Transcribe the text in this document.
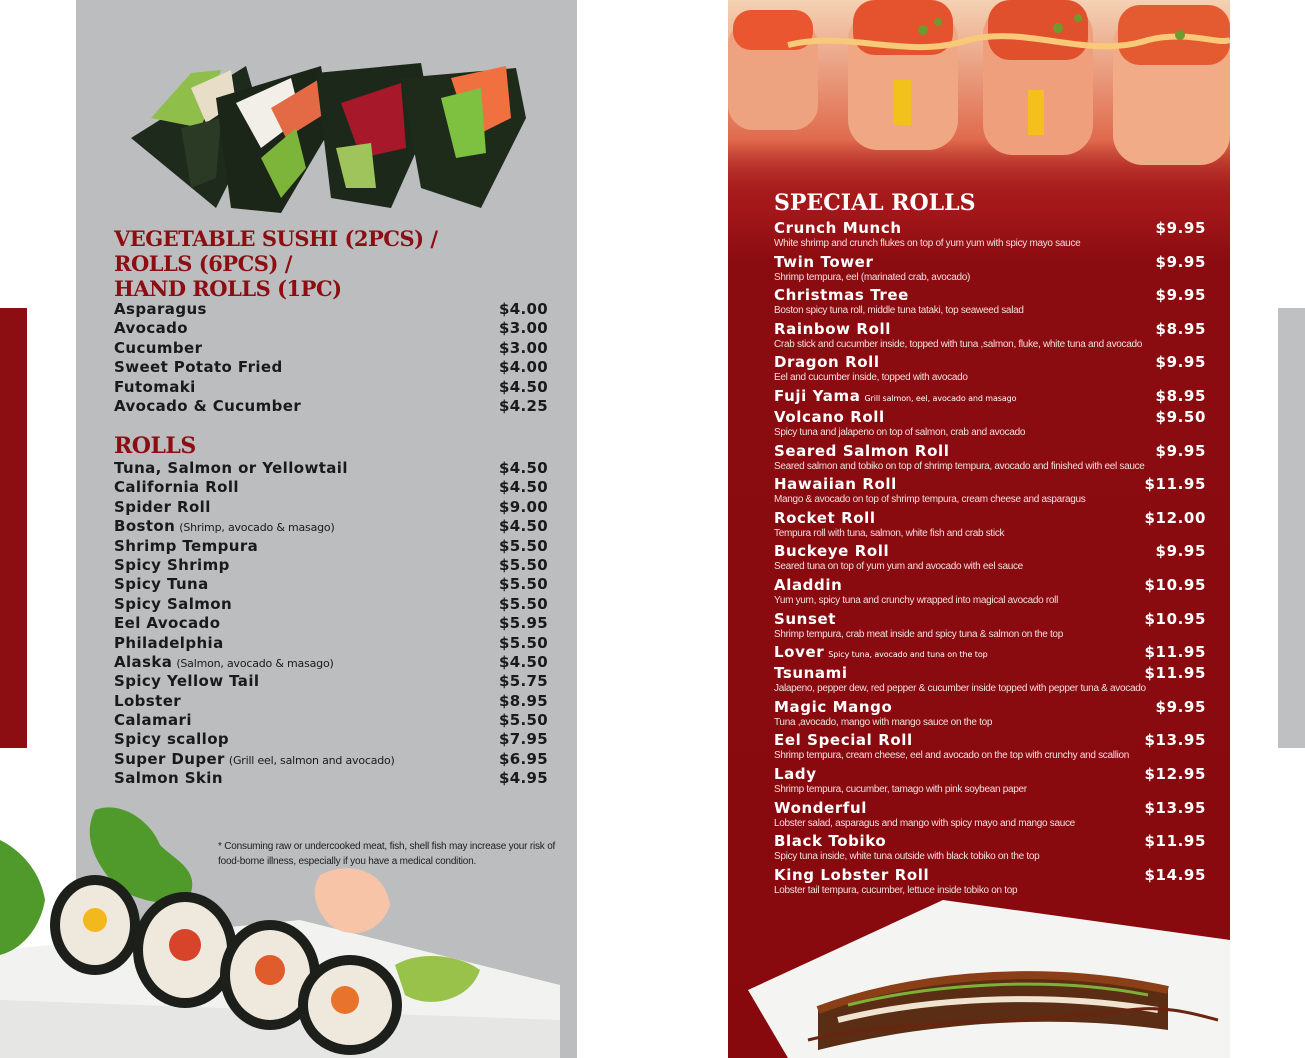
VEGETABLE SUSHI (2PCS) /
ROLLS (6PCS) /
HAND ROLLS (1PC)
Asparagus	$4.00
Avocado	$3.00
Cucumber	$3.00
Sweet Potato Fried	$4.00
Futomaki	$4.50
Avocado & Cucumber	$4.25
ROLLS
Tuna, Salmon or Yellowtail	$4.50
California Roll	$4.50
Spider Roll	$9.00
Boston (Shrimp, avocado & masago)	$4.50
Shrimp Tempura	$5.50
Spicy Shrimp	$5.50
Spicy Tuna	$5.50
Spicy Salmon	$5.50
Eel Avocado	$5.95
Philadelphia	$5.50
Alaska (Salmon, avocado & masago)	$4.50
Spicy Yellow Tail	$5.75
Lobster	$8.95
Calamari	$5.50
Spicy scallop	$7.95
Super Duper (Grill eel, salmon and avocado)	$6.95
Salmon Skin	$4.95

* Consuming raw or undercooked meat, fish, shell fish may increase your risk of food-borne illness, especially if you have a medical condition.

SPECIAL ROLLS
Crunch Munch	$9.95
White shrimp and crunch flukes on top of yum yum with spicy mayo sauce
Twin Tower	$9.95
Shrimp tempura, eel (marinated crab, avocado)
Christmas Tree	$9.95
Boston spicy tuna roll, middle tuna tataki, top seaweed salad
Rainbow Roll	$8.95
Crab stick and cucumber inside, topped with tuna ,salmon, fluke, white tuna and avocado
Dragon Roll	$9.95
Eel and cucumber inside, topped with avocado
Fuji Yama Grill salmon, eel, avocado and masago	$8.95
Volcano Roll	$9.50
Spicy tuna and jalapeno on top of salmon, crab and avocado
Seared Salmon Roll	$9.95
Seared salmon and tobiko on top of shrimp tempura, avocado and finished with eel sauce
Hawaiian Roll	$11.95
Mango & avocado on top of shrimp tempura, cream cheese and asparagus
Rocket Roll	$12.00
Tempura roll with tuna, salmon, white fish and crab stick
Buckeye Roll	$9.95
Seared tuna on top of yum yum and avocado with eel sauce
Aladdin	$10.95
Yum yum, spicy tuna and crunchy wrapped into magical avocado roll
Sunset	$10.95
Shrimp tempura, crab meat inside and spicy tuna & salmon on the top
Lover Spicy tuna, avocado and tuna on the top	$11.95
Tsunami	$11.95
Jalapeno, pepper dew, red pepper & cucumber inside topped with pepper tuna & avocado
Magic Mango	$9.95
Tuna ,avocado, mango with mango sauce on the top
Eel Special Roll	$13.95
Shrimp tempura, cream cheese, eel and avocado on the top with crunchy and scallion
Lady	$12.95
Shrimp tempura, cucumber, tamago with pink soybean paper
Wonderful	$13.95
Lobster salad, asparagus and mango with spicy mayo and mango sauce
Black Tobiko	$11.95
Spicy tuna inside, white tuna outside with black tobiko on the top
King Lobster Roll	$14.95
Lobster tail tempura, cucumber, lettuce inside tobiko on top
